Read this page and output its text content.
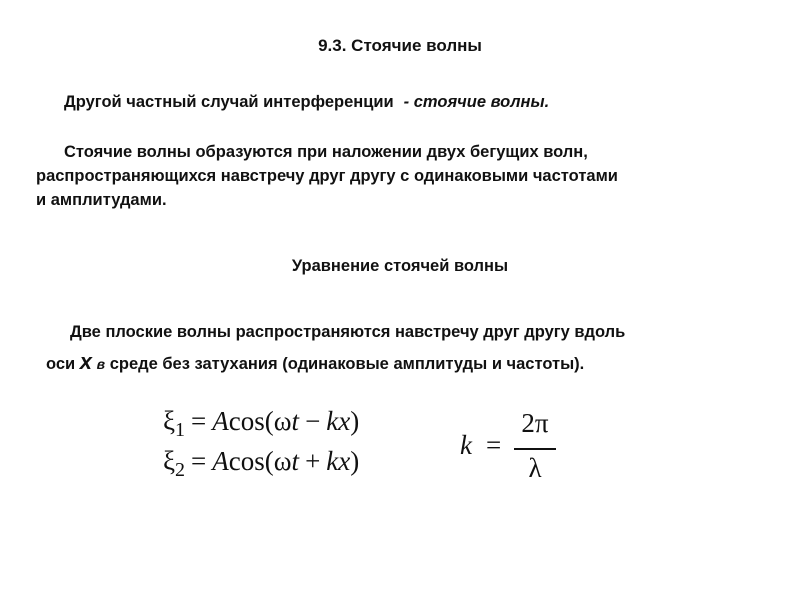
9.3. Стоячие волны
Другой частный случай интерференции - стоячие волны.
Стоячие волны образуются при наложении двух бегущих волн,
распространяющихся навстречу друг другу с одинаковыми частотами
и амплитудами.
Уравнение стоячей волны
Две плоские волны распространяются навстречу друг другу вдоль
оси x в среде без затухания (одинаковые амплитуды и частоты).
$\xi_1 = Acos(\omega t - kx)$
$\xi_2 = Acos(\omega t + kx)$
k =
2π
λ
